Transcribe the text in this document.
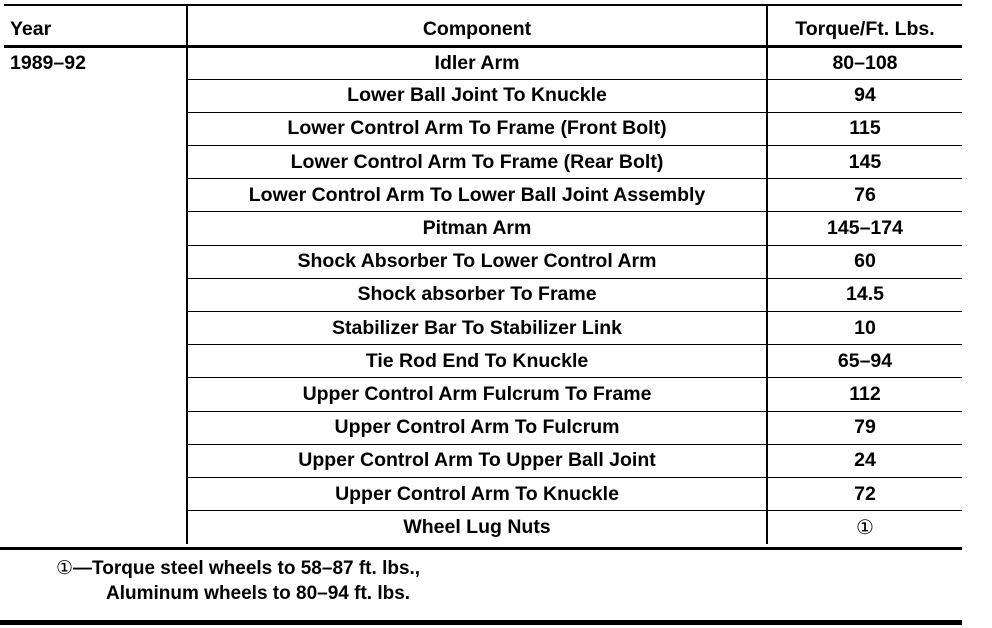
Year	Component	Torque/Ft. Lbs.
1989–92	Idler Arm	80–108
	Lower Ball Joint To Knuckle	94
	Lower Control Arm To Frame (Front Bolt)	115
	Lower Control Arm To Frame (Rear Bolt)	145
	Lower Control Arm To Lower Ball Joint Assembly	76
	Pitman Arm	145–174
	Shock Absorber To Lower Control Arm	60
	Shock absorber To Frame	14.5
	Stabilizer Bar To Stabilizer Link	10
	Tie Rod End To Knuckle	65–94
	Upper Control Arm Fulcrum To Frame	112
	Upper Control Arm To Fulcrum	79
	Upper Control Arm To Upper Ball Joint	24
	Upper Control Arm To Knuckle	72
	Wheel Lug Nuts	①
①—Torque steel wheels to 58–87 ft. lbs.,
Aluminum wheels to 80–94 ft. lbs.
